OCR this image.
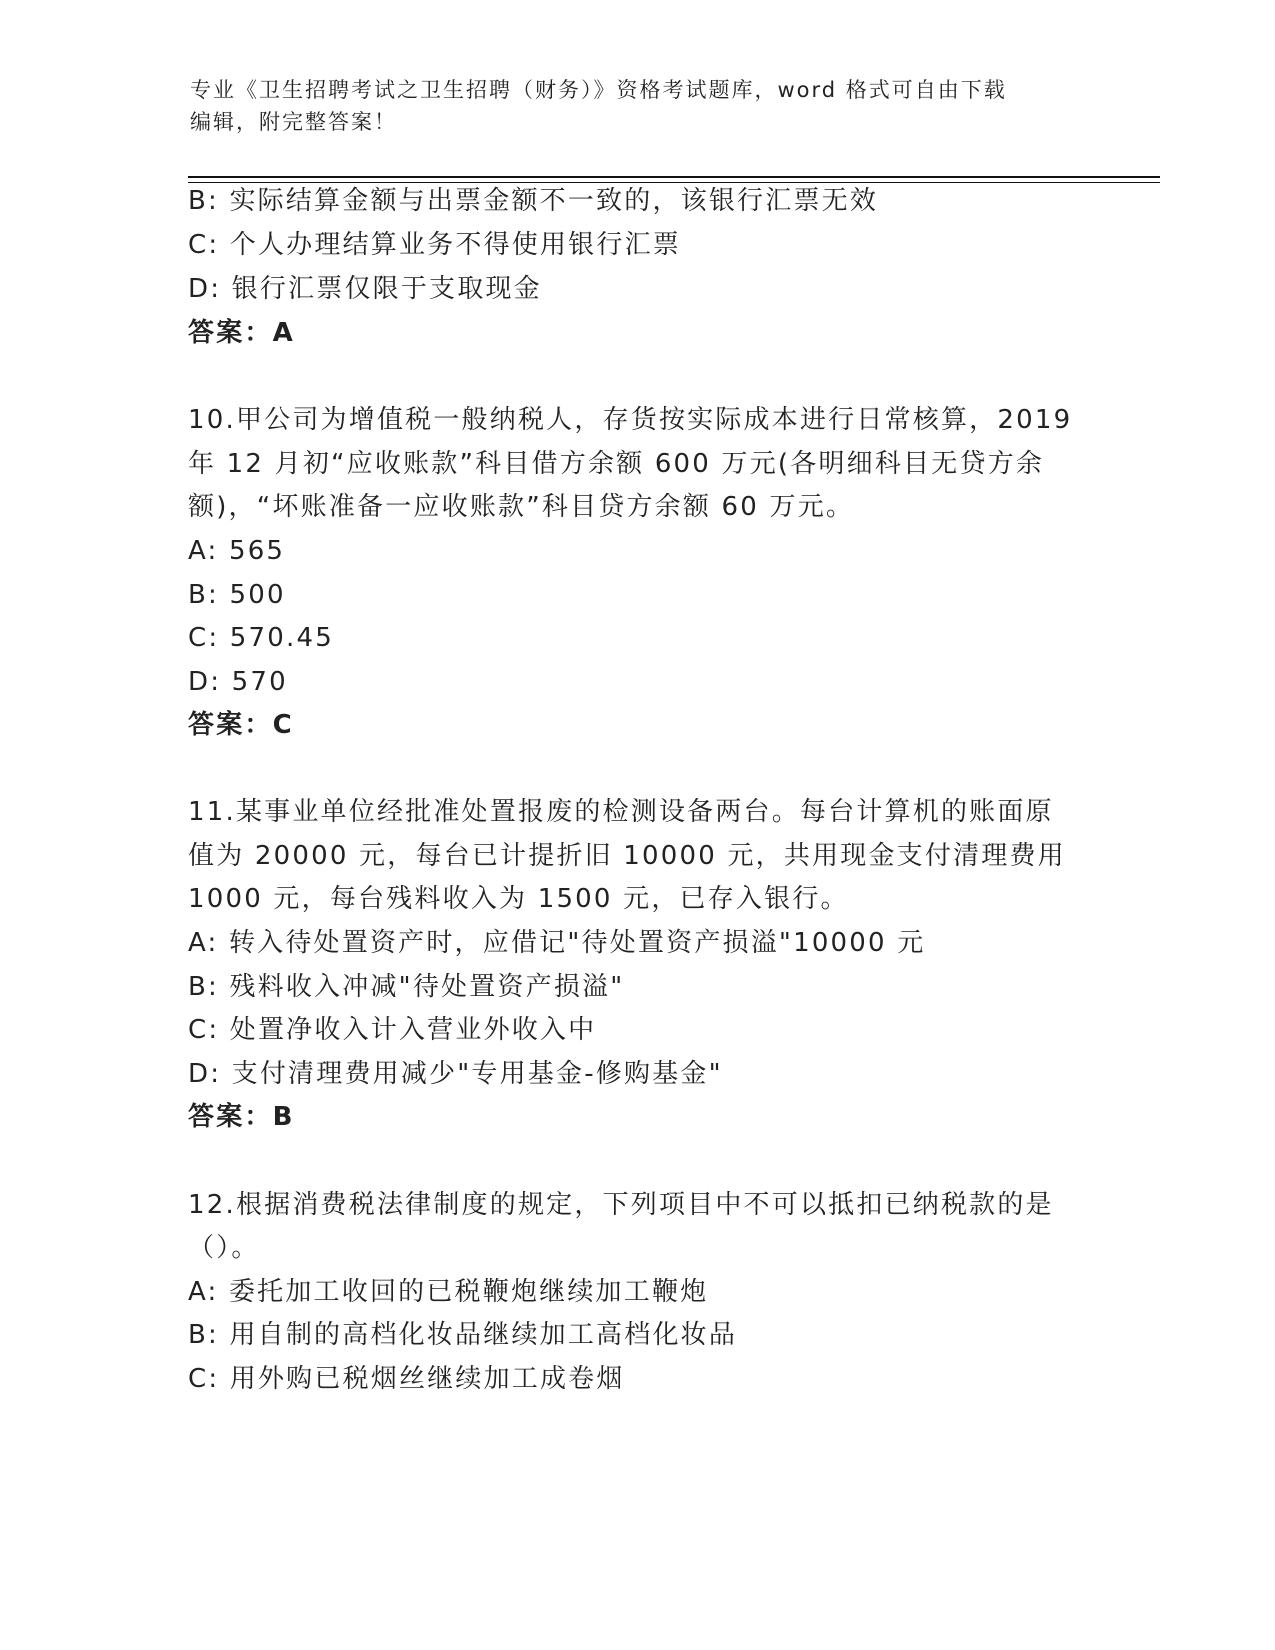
专业《卫生招聘考试之卫生招聘（财务）》资格考试题库，word 格式可自由下载
编辑，附完整答案！
B: 实际结算金额与出票金额不一致的，该银行汇票无效
C: 个人办理结算业务不得使用银行汇票
D: 银行汇票仅限于支取现金
答案：A
10.甲公司为增值税一般纳税人，存货按实际成本进行日常核算，2019
年 12 月初“应收账款”科目借方余额 600 万元(各明细科目无贷方余
额)，“坏账准备一应收账款”科目贷方余额 60 万元。
A: 565
B: 500
C: 570.45
D: 570
答案：C
11.某事业单位经批准处置报废的检测设备两台。每台计算机的账面原
值为 20000 元，每台已计提折旧 10000 元，共用现金支付清理费用
1000 元，每台残料收入为 1500 元，已存入银行。
A: 转入待处置资产时，应借记"待处置资产损溢"10000 元
B: 残料收入冲减"待处置资产损溢"
C: 处置净收入计入营业外收入中
D: 支付清理费用减少"专用基金-修购基金"
答案：B
12.根据消费税法律制度的规定，下列项目中不可以抵扣已纳税款的是
（）。
A: 委托加工收回的已税鞭炮继续加工鞭炮
B: 用自制的高档化妆品继续加工高档化妆品
C: 用外购已税烟丝继续加工成卷烟
